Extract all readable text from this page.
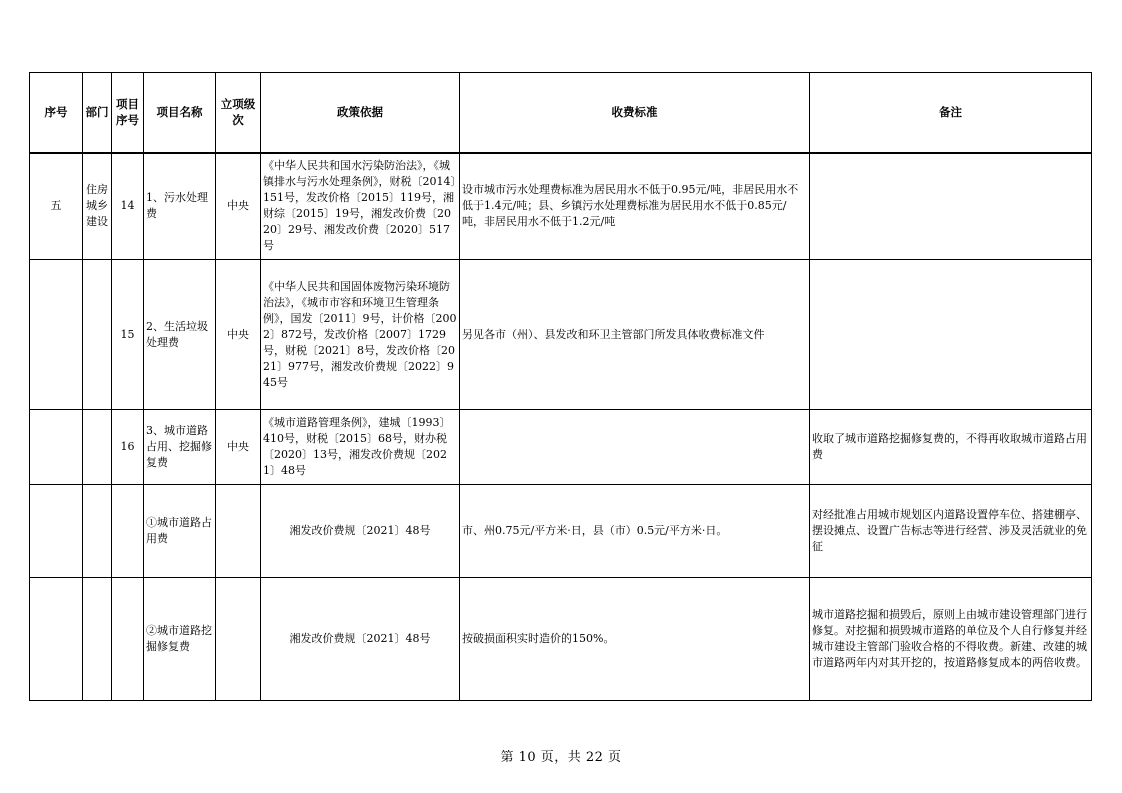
序号	部门	项目序号	项目名称	立项级次	政策依据	收费标准	备注
五	住房城乡建设	14	1、污水处理费	中央	《中华人民共和国水污染防治法》，《城镇排水与污水处理条例》，财税〔2014〕151号，发改价格〔2015〕119号，湘财综〔2015〕19号，湘发改价费〔2020〕29号、湘发改价费〔2020〕517号	设市城市污水处理费标准为居民用水不低于0.95元/吨，非居民用水不低于1.4元/吨；县、乡镇污水处理费标准为居民用水不低于0.85元/吨，非居民用水不低于1.2元/吨	
		15	2、生活垃圾处理费	中央	《中华人民共和国固体废物污染环境防治法》，《城市市容和环境卫生管理条例》，国发〔2011〕9号，计价格〔2002〕872号，发改价格〔2007〕1729号，财税〔2021〕8号，发改价格〔2021〕977号，湘发改价费规〔2022〕945号	另见各市（州）、县发改和环卫主管部门所发具体收费标准文件	
		16	3、城市道路占用、挖掘修复费	中央	《城市道路管理条例》，建城〔1993〕410号，财税〔2015〕68号，财办税〔2020〕13号，湘发改价费规〔2021〕48号		收取了城市道路挖掘修复费的，不得再收取城市道路占用费
			①城市道路占用费		湘发改价费规〔2021〕48号	市、州0.75元/平方米·日，县（市）0.5元/平方米·日。	对经批准占用城市规划区内道路设置停车位、搭建棚亭、摆设摊点、设置广告标志等进行经营、涉及灵活就业的免征
			②城市道路挖掘修复费		湘发改价费规〔2021〕48号	按破损面积实时造价的150%。	城市道路挖掘和损毁后，原则上由城市建设管理部门进行修复。对挖掘和损毁城市道路的单位及个人自行修复并经城市建设主管部门验收合格的不得收费。新建、改建的城市道路两年内对其开挖的，按道路修复成本的两倍收费。
第 10 页，共 22 页
